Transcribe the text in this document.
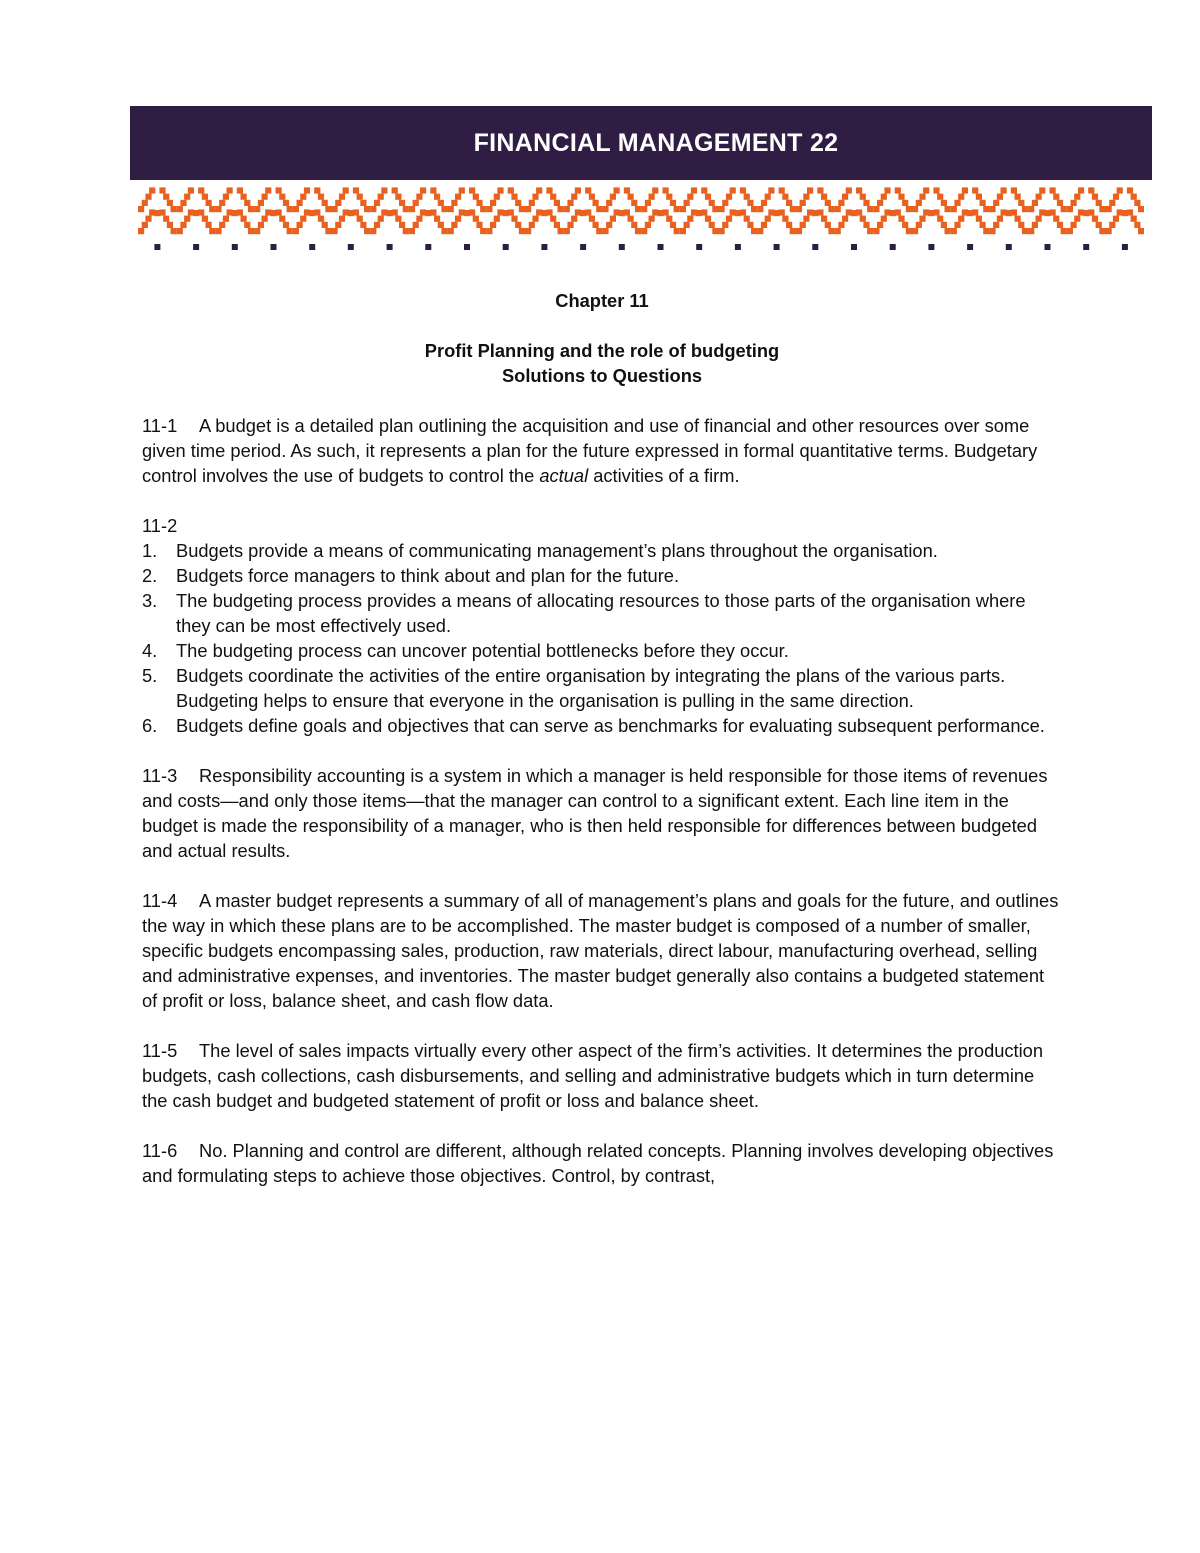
FINANCIAL MANAGEMENT 22

Chapter 11

Profit Planning and the role of budgeting

Solutions to Questions

11-1 A budget is a detailed plan outlining the acquisition and use of financial and other resources over some given time period. As such, it represents a plan for the future expressed in formal quantitative terms. Budgetary control involves the use of budgets to control the actual activities of a firm.

11-2

1.	Budgets provide a means of communicating management’s plans throughout the organisation.
2.	Budgets force managers to think about and plan for the future.
3.	The budgeting process provides a means of allocating resources to those parts of the organisation where they can be most effectively used.
4.	The budgeting process can uncover potential bottlenecks before they occur.
5.	Budgets coordinate the activities of the entire organisation by integrating the plans of the various parts. Budgeting helps to ensure that everyone in the organisation is pulling in the same direction.
6.	Budgets define goals and objectives that can serve as benchmarks for evaluating subsequent performance.

11-3 Responsibility accounting is a system in which a manager is held responsible for those items of revenues and costs—and only those items—that the manager can control to a significant extent. Each line item in the budget is made the responsibility of a manager, who is then held responsible for differences between budgeted and actual results.

11-4 A master budget represents a summary of all of management’s plans and goals for the future, and outlines the way in which these plans are to be accomplished. The master budget is composed of a number of smaller, specific budgets encompassing sales, production, raw materials, direct labour, manufacturing overhead, selling and administrative expenses, and inventories. The master budget generally also contains a budgeted statement of profit or loss, balance sheet, and cash flow data.

11-5 The level of sales impacts virtually every other aspect of the firm’s activities. It determines the production budgets, cash collections, cash disbursements, and selling and administrative budgets which in turn determine the cash budget and budgeted statement of profit or loss and balance sheet.

11-6 No. Planning and control are different, although related concepts. Planning involves developing objectives and formulating steps to achieve those objectives. Control, by contrast,
